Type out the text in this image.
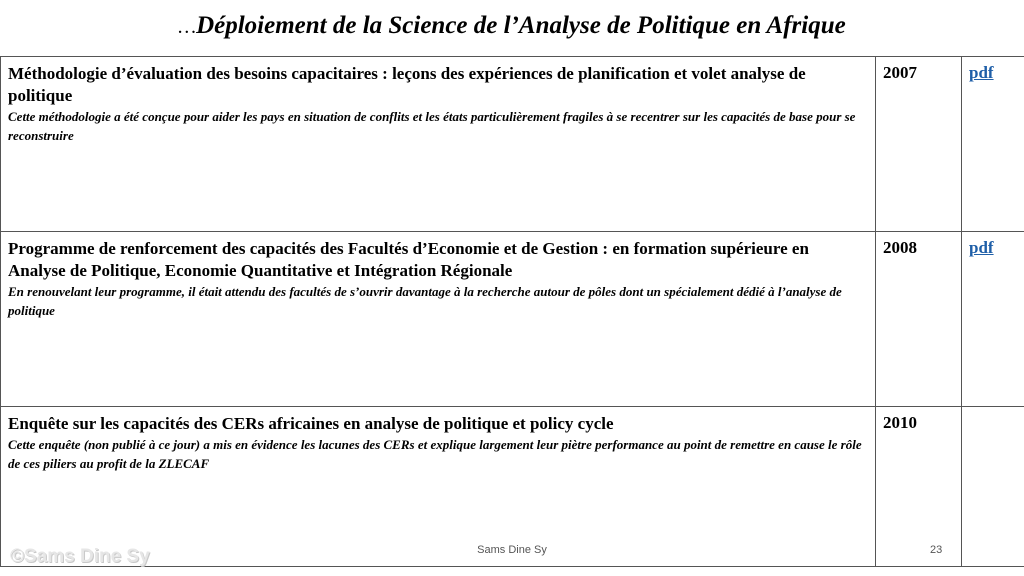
…Déploiement de la Science de l’Analyse de Politique en Afrique
Méthodologie d’évaluation des besoins capacitaires : leçons des expériences de planification et volet analyse de politique
Cette méthodologie a été conçue pour aider les pays en situation de conflits et les états particulièrement fragiles à se recentrer sur les capacités de base pour se reconstruire	2007	pdf

Programme de renforcement des capacités des Facultés d’Economie et de Gestion : en formation supérieure en Analyse de Politique, Economie Quantitative et Intégration Régionale
En renouvelant leur programme, il était attendu des facultés de s’ouvrir davantage à la recherche autour de pôles dont un spécialement dédié à l’analyse de politique	2008	pdf

Enquête sur les capacités des CERs africaines en analyse de politique et policy cycle
Cette enquête (non publié à ce jour) a mis en évidence les lacunes des CERs et explique largement leur piètre performance au point de remettre en cause le rôle de ces piliers au profit de la ZLECAF	2010	
©Sams Dine Sy	Sams Dine Sy	23
